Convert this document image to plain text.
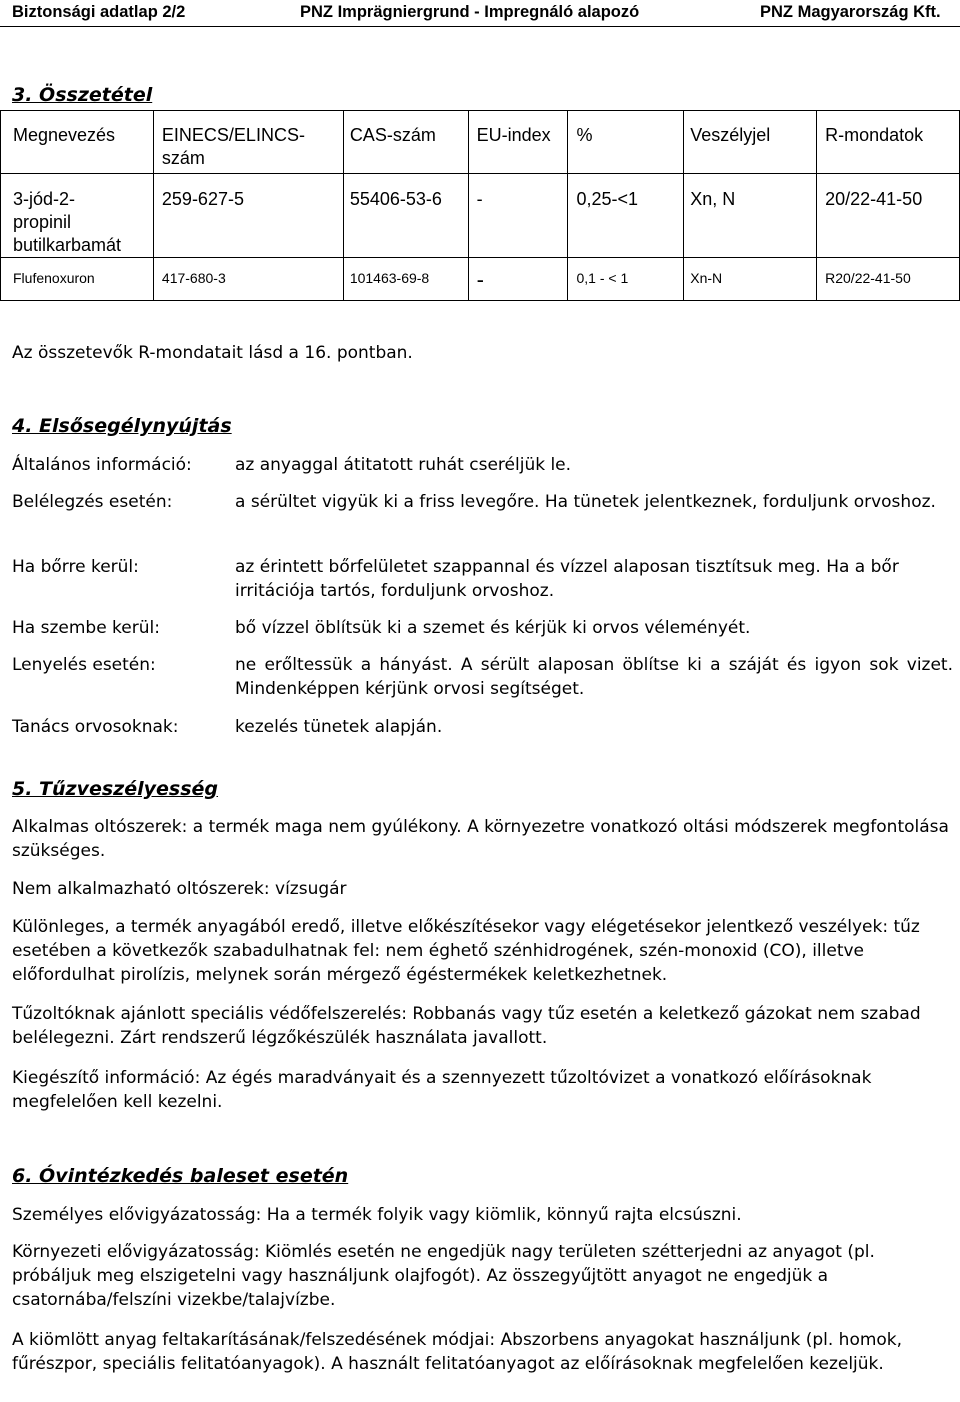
Biztonsági adatlap 2/2	PNZ Imprägniergrund - Impregnáló alapozó	PNZ Magyarország Kft.
3. Összetétel
Megnevezés	EINECS/ELINCS-szám	CAS-szám	EU-index	%	Veszélyjel	R-mondatok

3-jód-2-propinil butilkarbamát	259-627-5	55406-53-6	-	0,25-<1	Xn, N	20/22-41-50

Flufenoxuron	417-680-3	101463-69-8	-	0,1 - < 1	Xn-N	R20/22-41-50
Az összetevők R-mondatait lásd a 16. pontban.
4. Elsősegélynyújtás
Általános információ:	az anyaggal átitatott ruhát cseréljük le.
Belélegzés esetén:	a sérültet vigyük ki a friss levegőre. Ha tünetek jelentkeznek, forduljunk orvoshoz.
Ha bőrre kerül:	az érintett bőrfelületet szappannal és vízzel alaposan tisztítsuk meg. Ha a bőr irritációja tartós, forduljunk orvoshoz.
Ha szembe kerül:	bő vízzel öblítsük ki a szemet és kérjük ki orvos véleményét.
Lenyelés esetén:	ne erőltessük a hányást. A sérült alaposan öblítse ki a száját és igyon sok vizet. Mindenképpen kérjünk orvosi segítséget.
Tanács orvosoknak:	kezelés tünetek alapján.
5. Tűzveszélyesség
Alkalmas oltószerek: a termék maga nem gyúlékony. A környezetre vonatkozó oltási módszerek megfontolása szükséges.
Nem alkalmazható oltószerek: vízsugár
Különleges, a termék anyagából eredő, illetve előkészítésekor vagy elégetésekor jelentkező veszélyek: tűz esetében a következők szabadulhatnak fel: nem éghető szénhidrogének, szén-monoxid (CO), illetve előfordulhat pirolízis, melynek során mérgező égéstermékek keletkezhetnek.
Tűzoltóknak ajánlott speciális védőfelszerelés: Robbanás vagy tűz esetén a keletkező gázokat nem szabad belélegezni. Zárt rendszerű légzőkészülék használata javallott.
Kiegészítő információ: Az égés maradványait és a szennyezett tűzoltóvizet a vonatkozó előírásoknak megfelelően kell kezelni.
6. Óvintézkedés baleset esetén
Személyes elővigyázatosság: Ha a termék folyik vagy kiömlik, könnyű rajta elcsúszni.
Környezeti elővigyázatosság: Kiömlés esetén ne engedjük nagy területen szétterjedni az anyagot (pl. próbáljuk meg elszigetelni vagy használjunk olajfogót). Az összegyűjtött anyagot ne engedjük a csatornába/felszíni vizekbe/talajvízbe.
A kiömlött anyag feltakarításának/felszedésének módjai: Abszorbens anyagokat használjunk (pl. homok, fűrészpor, speciális felitatóanyagok). A használt felitatóanyagot az előírásoknak megfelelően kezeljük.
